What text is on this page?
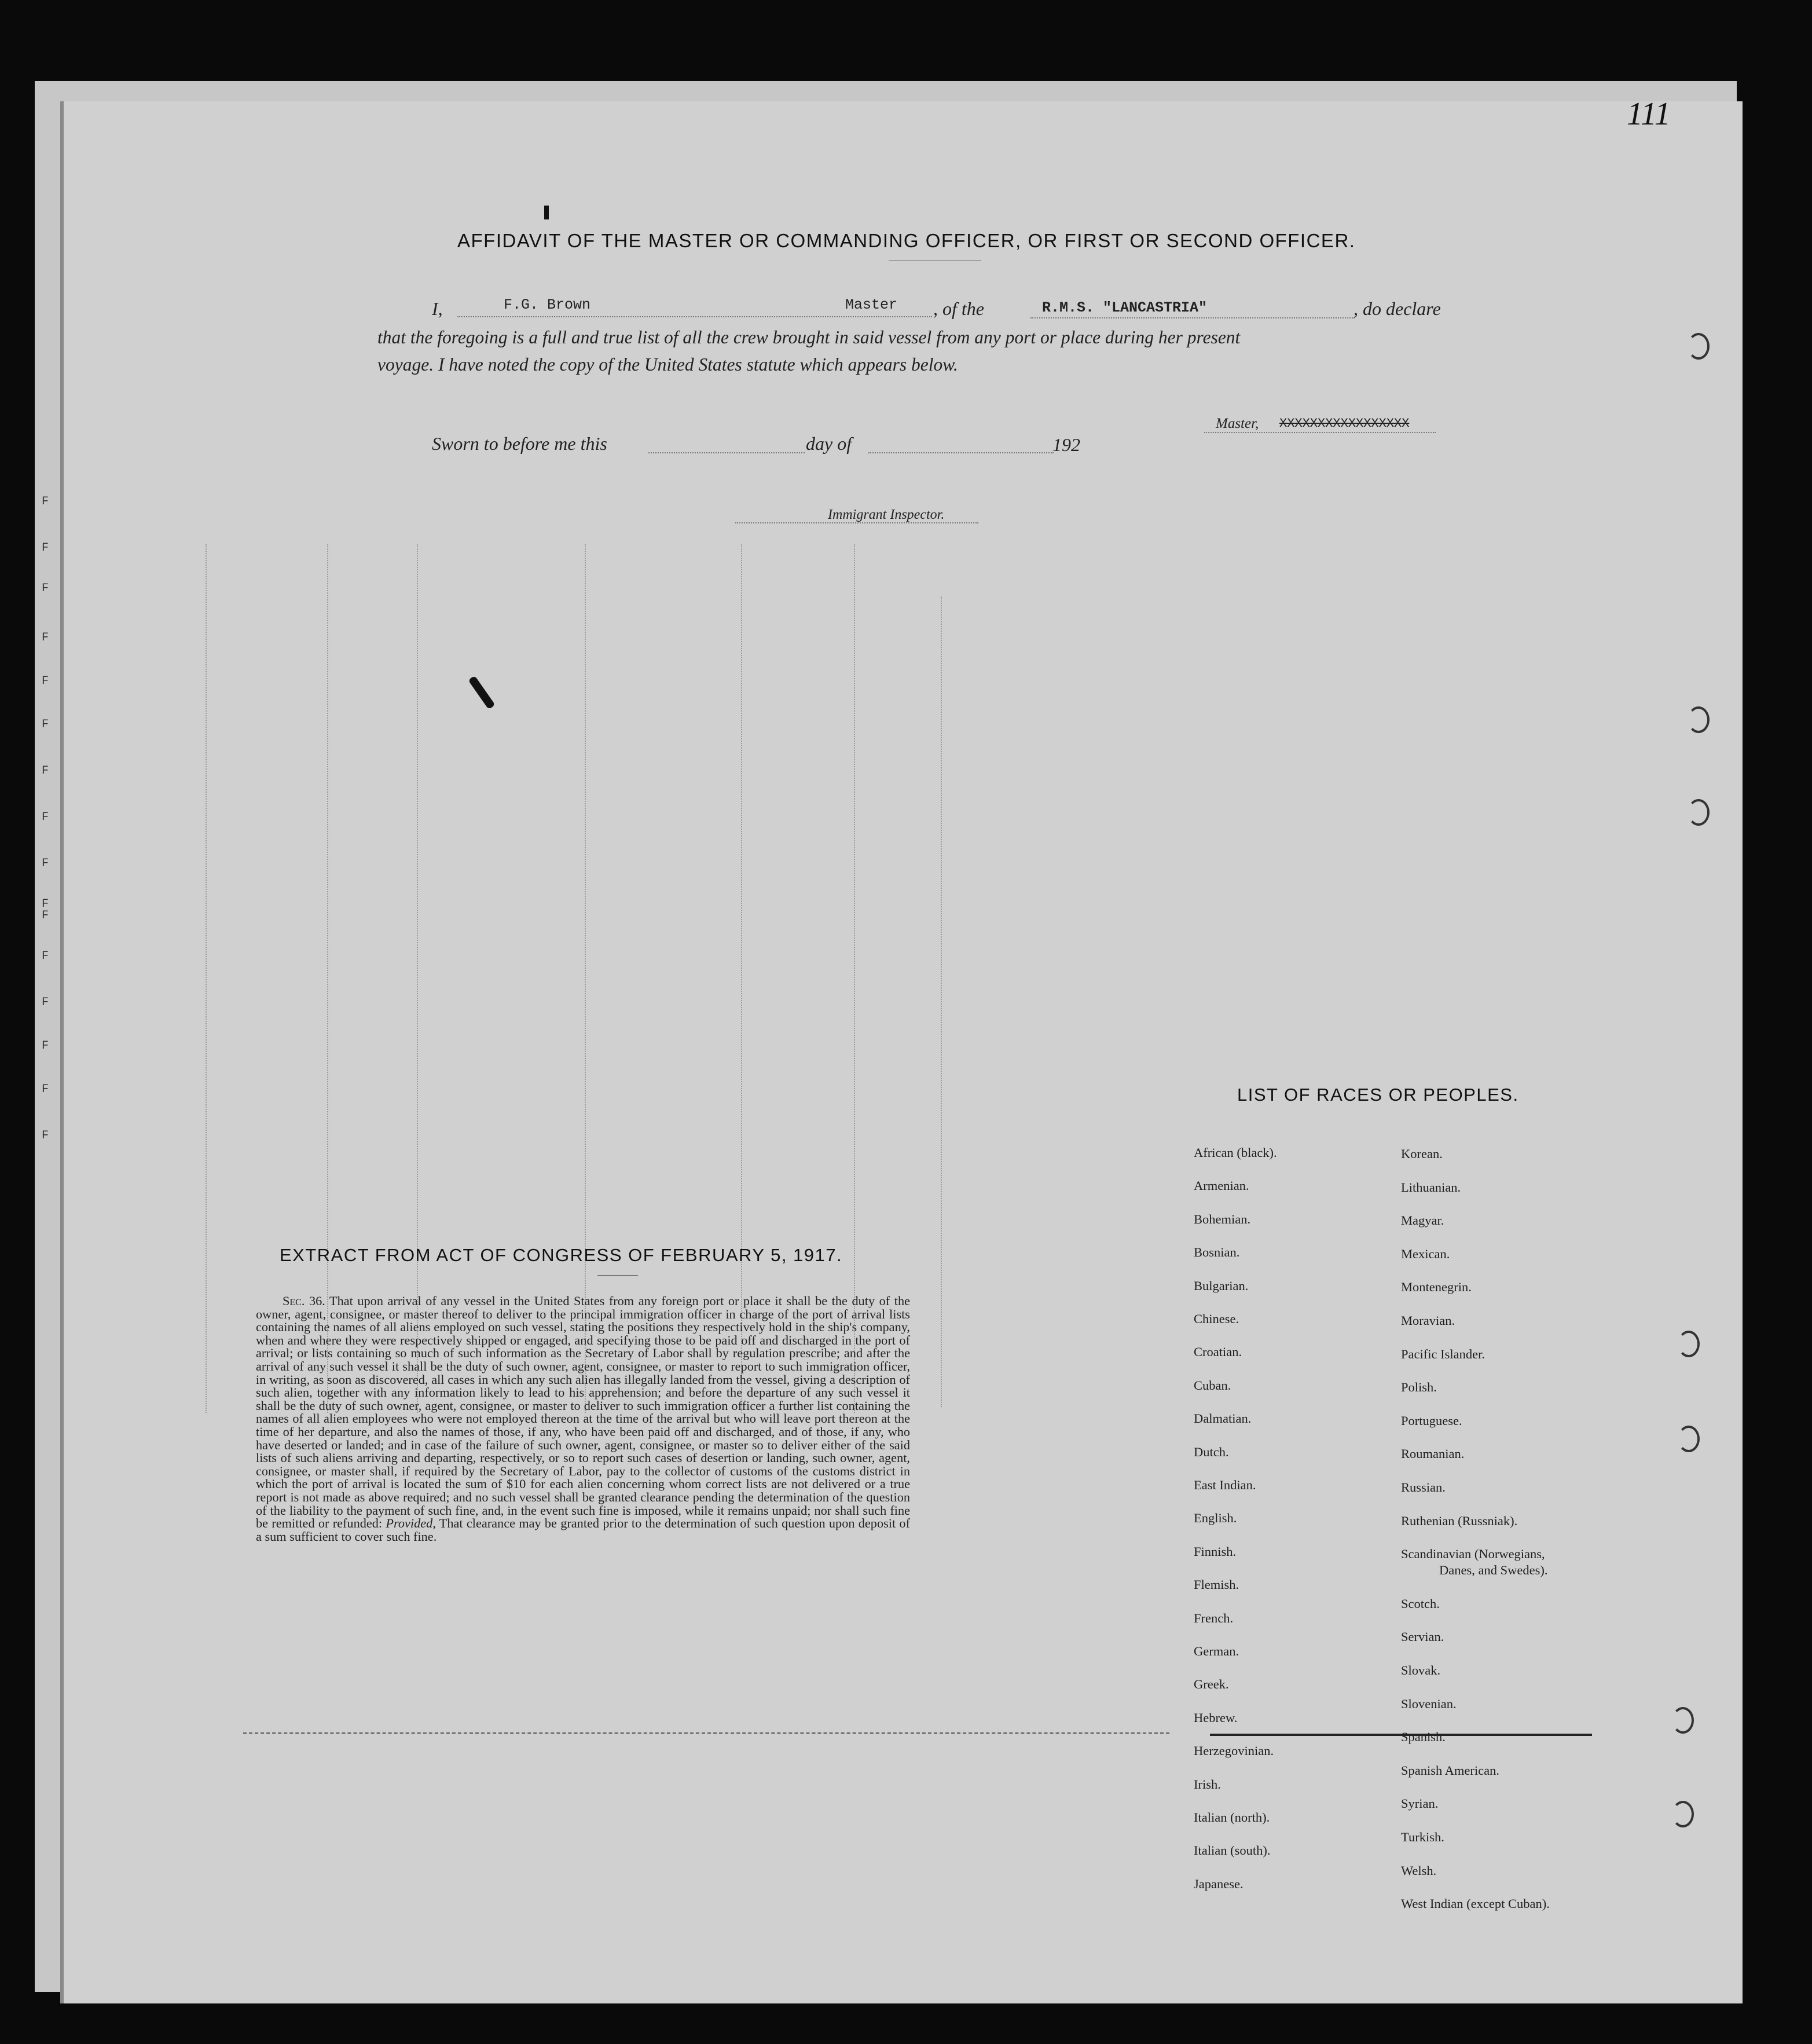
111
F
F
F
F
F
F
F
F
F
F
F
F
F
F
F
F
AFFIDAVIT OF THE MASTER OR COMMANDING OFFICER, OR FIRST OR SECOND OFFICER.
I,	F.G. Brown	Master , of the	R.M.S. "LANCASTRIA"	, do declare
that the foregoing is a full and true list of all the crew brought in said vessel from any port or place during her present
voyage. I have noted the copy of the United States statute which appears below.
Master, XXXXXXXXXXXXXXXXX
Sworn to before me this	day of	192
Immigrant Inspector.
EXTRACT FROM ACT OF CONGRESS OF FEBRUARY 5, 1917.
Sec. 36. That upon arrival of any vessel in the United States from any foreign port or place it shall be the duty of the owner, agent, consignee, or master thereof to deliver to the principal immigration officer in charge of the port of arrival lists containing the names of all aliens employed on such vessel, stating the positions they respectively hold in the ship's company, when and where they were respectively shipped or engaged, and specifying those to be paid off and discharged in the port of arrival; or lists containing so much of such information as the Secretary of Labor shall by regulation prescribe; and after the arrival of any such vessel it shall be the duty of such owner, agent, consignee, or master to report to such immigration officer, in writing, as soon as discovered, all cases in which any such alien has illegally landed from the vessel, giving a description of such alien, together with any information likely to lead to his apprehension; and before the departure of any such vessel it shall be the duty of such owner, agent, consignee, or master to deliver to such immigration officer a further list containing the names of all alien employees who were not employed thereon at the time of the arrival but who will leave port thereon at the time of her departure, and also the names of those, if any, who have been paid off and discharged, and of those, if any, who have deserted or landed; and in case of the failure of such owner, agent, consignee, or master so to deliver either of the said lists of such aliens arriving and departing, respectively, or so to report such cases of desertion or landing, such owner, agent, consignee, or master shall, if required by the Secretary of Labor, pay to the collector of customs of the customs district in which the port of arrival is located the sum of $10 for each alien concerning whom correct lists are not delivered or a true report is not made as above required; and no such vessel shall be granted clearance pending the determination of the question of the liability to the payment of such fine, and, in the event such fine is imposed, while it remains unpaid; nor shall such fine be remitted or refunded: Provided, That clearance may be granted prior to the determination of such question upon deposit of a sum sufficient to cover such fine.
LIST OF RACES OR PEOPLES.
African (black).
Armenian.
Bohemian.
Bosnian.
Bulgarian.
Chinese.
Croatian.
Cuban.
Dalmatian.
Dutch.
East Indian.
English.
Finnish.
Flemish.
French.
German.
Greek.
Hebrew.
Herzegovinian.
Irish.
Italian (north).
Italian (south).
Japanese.
Korean.
Lithuanian.
Magyar.
Mexican.
Montenegrin.
Moravian.
Pacific Islander.
Polish.
Portuguese.
Roumanian.
Russian.
Ruthenian (Russniak).
Scandinavian (Norwegians,
Danes, and Swedes).
Scotch.
Servian.
Slovak.
Slovenian.
Spanish.
Spanish American.
Syrian.
Turkish.
Welsh.
West Indian (except Cuban).
